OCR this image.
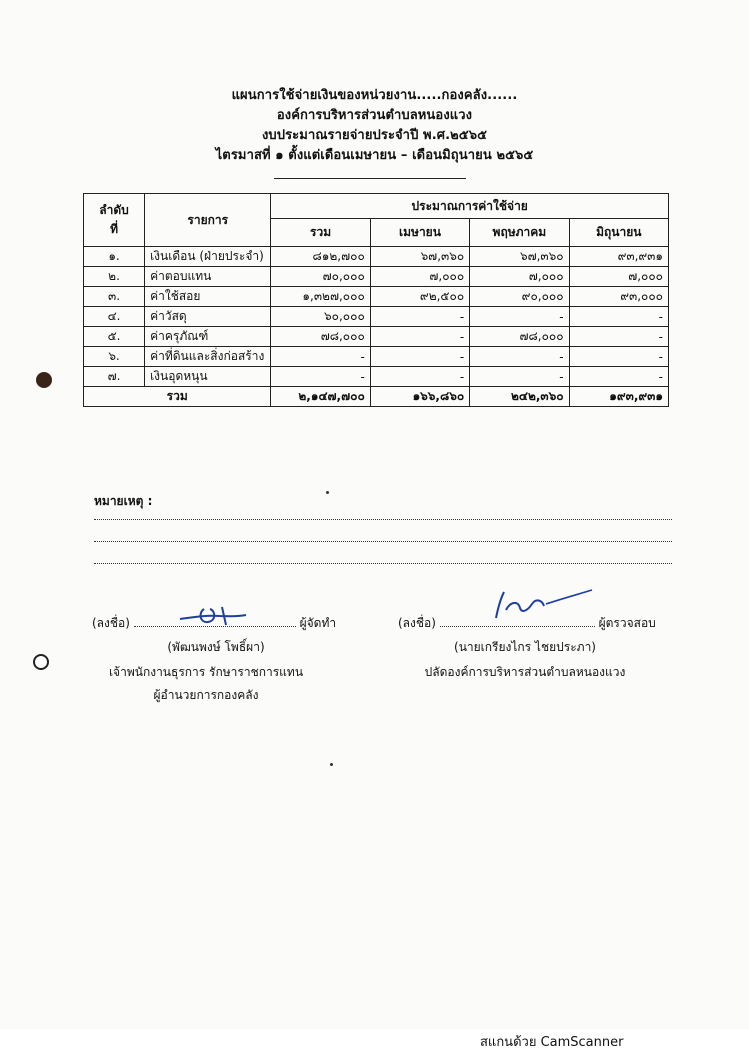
แผนการใช้จ่ายเงินของหน่วยงาน.....กองคลัง......
องค์การบริหารส่วนตำบลหนองแวง
งบประมาณรายจ่ายประจำปี พ.ศ.๒๕๖๕
ไตรมาสที่ ๑ ตั้งแต่เดือนเมษายน – เดือนมิถุนายน ๒๕๖๕
ลำดับ
ที่	รายการ	ประมาณการค่าใช้จ่าย			
		รวม	เมษายน	พฤษภาคม	มิถุนายน
๑.	เงินเดือน (ฝ่ายประจำ)	๘๑๒,๗๐๐	๖๗,๓๖๐	๖๗,๓๖๐	๙๓,๙๓๑
๒.	ค่าตอบแทน	๗๐,๐๐๐	๗,๐๐๐	๗,๐๐๐	๗,๐๐๐
๓.	ค่าใช้สอย	๑,๓๒๗,๐๐๐	๙๒,๕๐๐	๙๐,๐๐๐	๙๓,๐๐๐
๔.	ค่าวัสดุ	๖๐,๐๐๐	-	-	-
๕.	ค่าครุภัณฑ์	๗๘,๐๐๐	-	๗๘,๐๐๐	-
๖.	ค่าที่ดินและสิ่งก่อสร้าง	-	-	-	-
๗.	เงินอุดหนุน	-	-	-	-
รวม		๒,๑๔๗,๗๐๐	๑๖๖,๘๖๐	๒๔๒,๓๖๐	๑๙๓,๙๓๑
หมายเหตุ :
(ลงชื่อ)	ผู้จัดทำ
(พัฒนพงษ์ โพธิ์ผา)
เจ้าพนักงานธุรการ รักษาราชการแทน
ผู้อำนวยการกองคลัง
(ลงชื่อ)	ผู้ตรวจสอบ
(นายเกรียงไกร ไชยประภา)
ปลัดองค์การบริหารส่วนตำบลหนองแวง
สแกนด้วย CamScanner
